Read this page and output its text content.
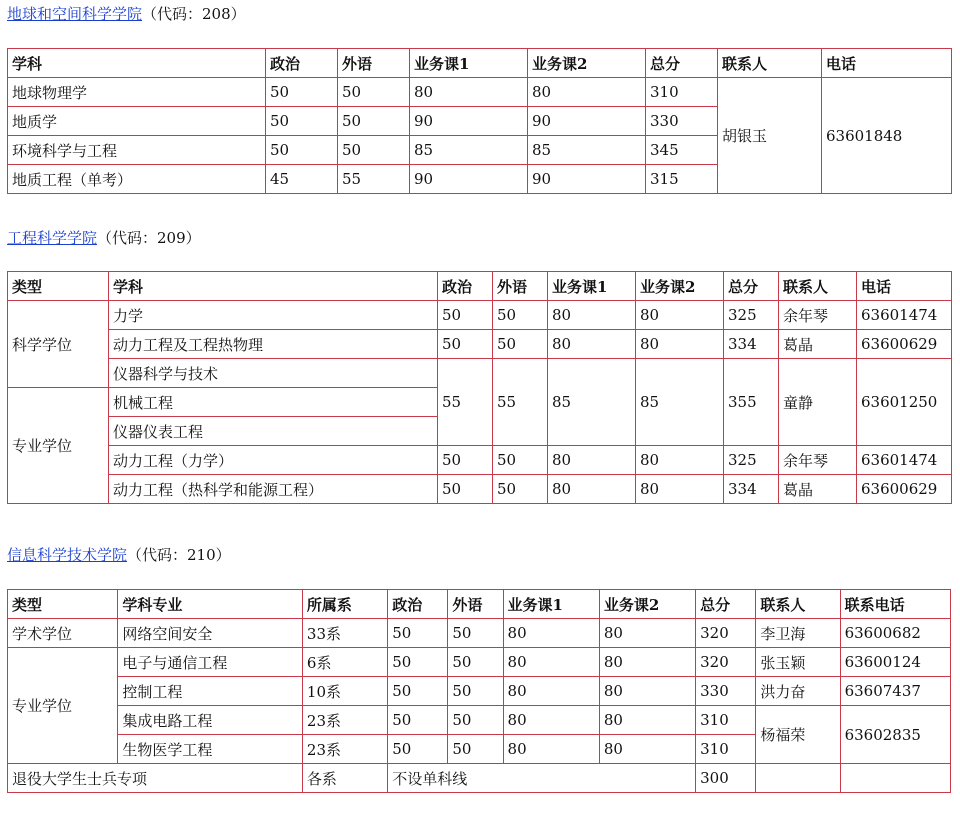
地球和空间科学学院（代码：208）
学科	政治	外语	业务课1	业务课2	总分	联系人	电话
地球物理学	50	50	80	80	310	胡银玉	63601848
地质学	50	50	90	90	330		
环境科学与工程	50	50	85	85	345		
地质工程（单考）	45	55	90	90	315		
工程科学学院（代码：209）
类型	学科	政治	外语	业务课1	业务课2	总分	联系人	电话
科学学位	力学	50	50	80	80	325	余年琴	63601474
	动力工程及工程热物理	50	50	80	80	334	葛晶	63600629
	仪器科学与技术	55	55	85	85	355	童静	63601250
专业学位	机械工程							
	仪器仪表工程							
	动力工程（力学）	50	50	80	80	325	余年琴	63601474
	动力工程（热科学和能源工程）	50	50	80	80	334	葛晶	63600629
信息科学技术学院（代码：210）
类型	学科专业	所属系	政治	外语	业务课1	业务课2	总分	联系人	联系电话
学术学位	网络空间安全	33系	50	50	80	80	320	李卫海	63600682
专业学位	电子与通信工程	6系	50	50	80	80	320	张玉颖	63600124
	控制工程	10系	50	50	80	80	330	洪力奋	63607437
	集成电路工程	23系	50	50	80	80	310	杨福荣	63602835
	生物医学工程	23系	50	50	80	80	310		
退役大学生士兵专项		各系	不设单科线				300		
